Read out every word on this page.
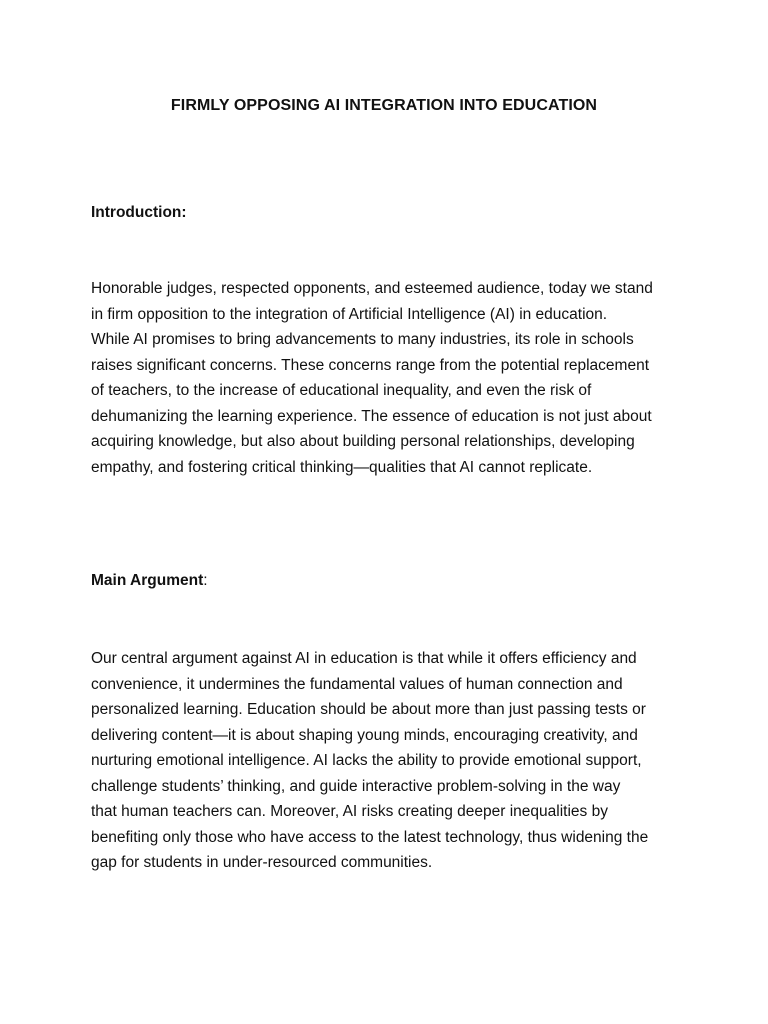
FIRMLY OPPOSING AI INTEGRATION INTO EDUCATION
Introduction:
Honorable judges, respected opponents, and esteemed audience, today we stand
in firm opposition to the integration of Artificial Intelligence (AI) in education.
While AI promises to bring advancements to many industries, its role in schools
raises significant concerns. These concerns range from the potential replacement
of teachers, to the increase of educational inequality, and even the risk of
dehumanizing the learning experience. The essence of education is not just about
acquiring knowledge, but also about building personal relationships, developing
empathy, and fostering critical thinking—qualities that AI cannot replicate.
Main Argument:
Our central argument against AI in education is that while it offers efficiency and
convenience, it undermines the fundamental values of human connection and
personalized learning. Education should be about more than just passing tests or
delivering content—it is about shaping young minds, encouraging creativity, and
nurturing emotional intelligence. AI lacks the ability to provide emotional support,
challenge students’ thinking, and guide interactive problem-solving in the way
that human teachers can. Moreover, AI risks creating deeper inequalities by
benefiting only those who have access to the latest technology, thus widening the
gap for students in under-resourced communities.
